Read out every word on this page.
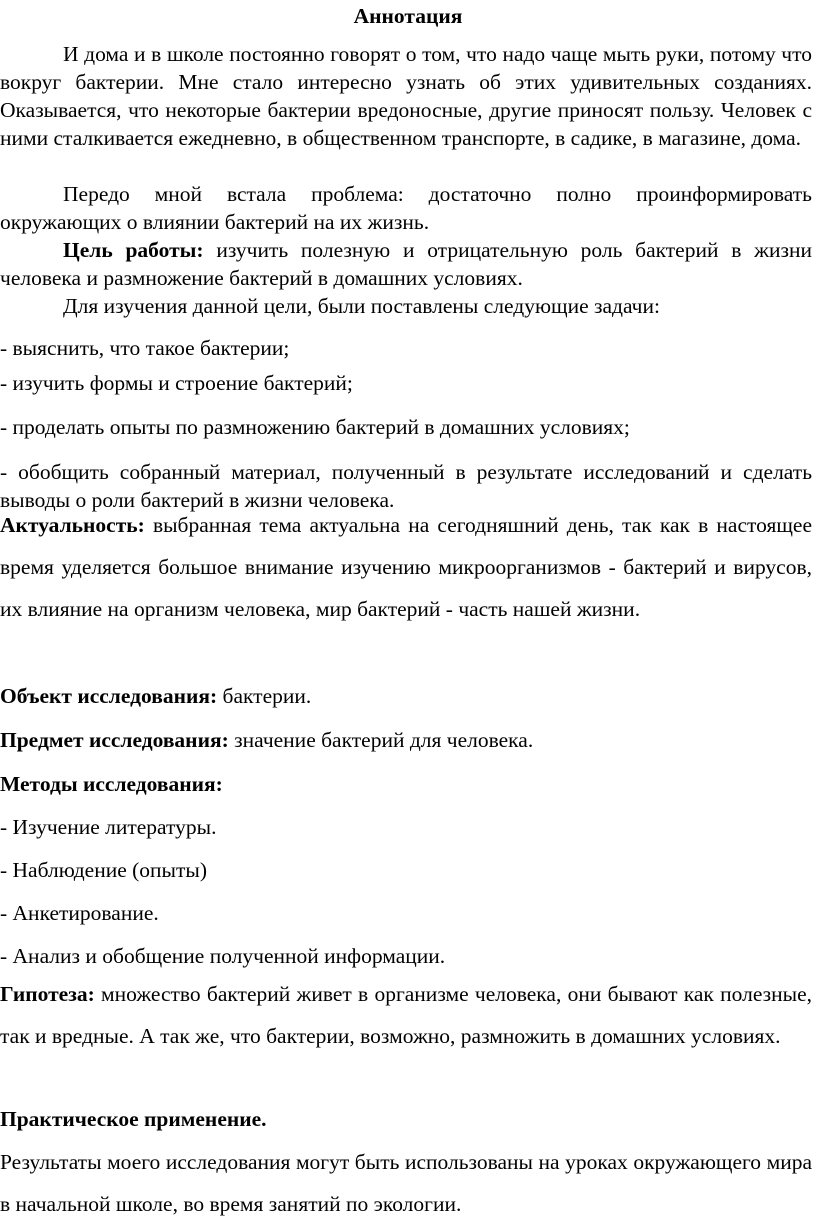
Аннотация
И дома и в школе постоянно говорят о том, что надо чаще мыть руки, потому что вокруг бактерии. Мне стало интересно узнать об этих удивительных созданиях. Оказывается, что некоторые бактерии вредоносные, другие приносят пользу. Человек с ними сталкивается ежедневно, в общественном транспорте, в садике, в магазине, дома.
Передо мной встала проблема: достаточно полно проинформировать окружающих о влиянии бактерий на их жизнь.
Цель работы: изучить полезную и отрицательную роль бактерий в жизни человека и размножение бактерий в домашних условиях.
Для изучения данной цели, были поставлены следующие задачи:
- выяснить, что такое бактерии;
- изучить формы и строение бактерий;
- проделать опыты по размножению бактерий в домашних условиях;
- обобщить собранный материал, полученный в результате исследований и сделать выводы о роли бактерий в жизни человека.
Актуальность: выбранная тема актуальна на сегодняшний день, так как в настоящее время уделяется большое внимание изучению микроорганизмов - бактерий и вирусов, их влияние на организм человека, мир бактерий - часть нашей жизни.
Объект исследования: бактерии.
Предмет исследования: значение бактерий для человека.
Методы исследования:
- Изучение литературы.
- Наблюдение (опыты)
- Анкетирование.
- Анализ и обобщение полученной информации.
Гипотеза: множество бактерий живет в организме человека, они бывают как полезные, так и вредные. А так же, что бактерии, возможно, размножить в домашних условиях.
Практическое применение.
Результаты моего исследования могут быть использованы на уроках окружающего мира в начальной школе, во время занятий по экологии.
